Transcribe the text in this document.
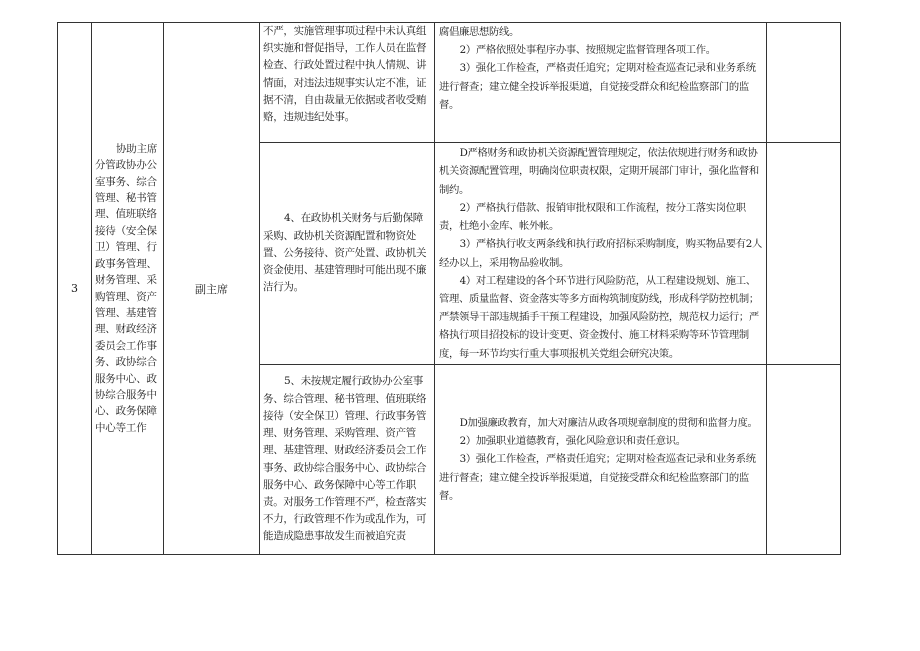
3	协助主席分管政协办公室事务、综合管理、秘书管理、值班联络接待（安全保卫）管理、行政事务管理、财务管理、采购管理、资产管理、基建管理、财政经济委员会工作事务、政协综合服务中心、政协综合服务中心、政务保障中心等工作	副主席	不严，实施管理事项过程中未认真组织实施和督促指导，工作人员在监督检查、行政处置过程中执人情规、讲情面，对违法违规事实认定不准，证据不清，自由裁量无依据或者收受贿赂，违规违纪处事。	腐倡廉思想防线。

2）严格依照处事程序办事、按照规定监督管理各项工作。

3）强化工作检查，严格责任追究；定期对检查巡查记录和业务系统进行督查；建立健全投诉举报渠道，自觉接受群众和纪检监察部门的监督。	

			4、在政协机关财务与后勤保障采购、政协机关资源配置和物资处置、公务接待、资产处置、政协机关资金使用、基建管理时可能出现不廉洁行为。	D严格财务和政协机关资源配置管理规定，依法依规进行财务和政协机关资源配置管理，明确岗位职责权限，定期开展部门审计，强化监督和制约。

2）严格执行借款、报销审批权限和工作流程，按分工落实岗位职责，杜绝小金库、帐外帐。

3）严格执行收支两条线和执行政府招标采购制度，购买物品要有2人经办以上，采用物品验收制。

4）对工程建设的各个环节进行风险防范，从工程建设规划、施工、管理、质量监督、资金落实等多方面构筑制度防线，形成科学防控机制；严禁领导干部违规插手干预工程建设，加强风险防控，规范权力运行；严格执行项目招投标的设计变更、资金拨付、施工材料采购等环节管理制度，每一环节均实行重大事项报机关党组会研究决策。	

			5、未按规定履行政协办公室事务、综合管理、秘书管理、值班联络接待（安全保卫）管理、行政事务管理、财务管理、采购管理、资产管理、基建管理、财政经济委员会工作事务、政协综合服务中心、政协综合服务中心、政务保障中心等工作职责。对服务工作管理不严，检查落实不力，行政管理不作为或乱作为，可能造成隐患事故发生而被追究责	D加强廉政教育，加大对廉洁从政各项规章制度的贯彻和监督力度。

2）加强职业道德教育，强化风险意识和责任意识。

3）强化工作检查，严格责任追究；定期对检查巡查记录和业务系统进行督查；建立健全投诉举报渠道，自觉接受群众和纪检监察部门的监督。	
